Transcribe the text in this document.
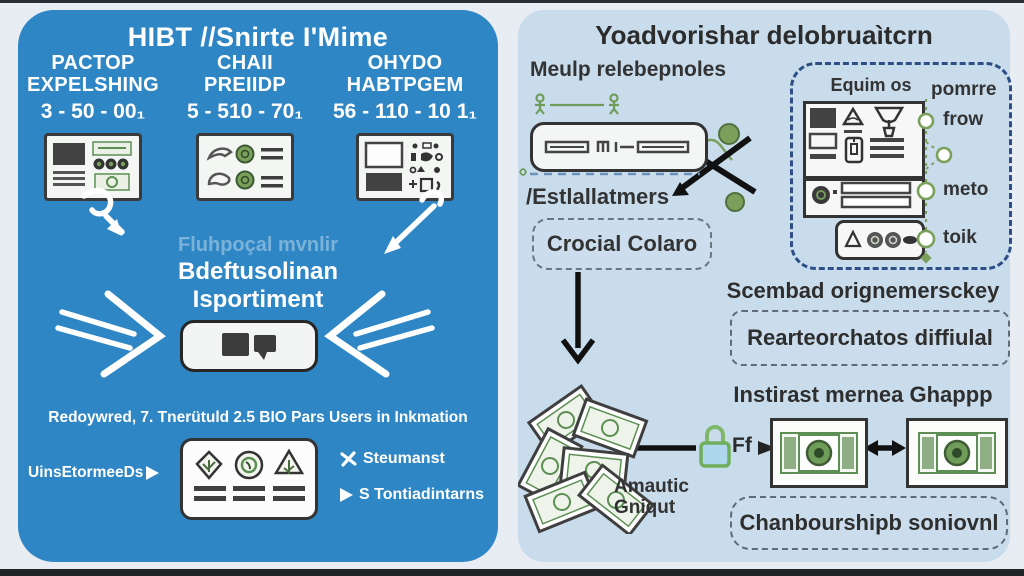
HIBT //Snirte I'Mime
PACTOP
EXPELSHING
3 - 50 - 00₁
CHAII
PREIIDP
5 - 510 - 70₁
OHYDO
HABTPGEM
56 - 110 - 10 1₁
Fluhpoçal mvnlir
Bdeftusolinan
Isportiment
Redoywred, 7. Tnerütuld 2.5 BIO Pars Users in Inkmation
UinsEtormeeDs
Steumanst
S Tontiadintarns
Yoadvorishar delobruaìtcrn
Meulp relebepnoles
/Estlallatmers
Crocial Colaro
Amautic
Gniqut
Ff
Equim os	pomrre
frow
meto
toik
Scembad orignemersckey
Rearteorchatos diffiulal
Instirast mernea Ghappp
Chanbourshipb soniovnl
